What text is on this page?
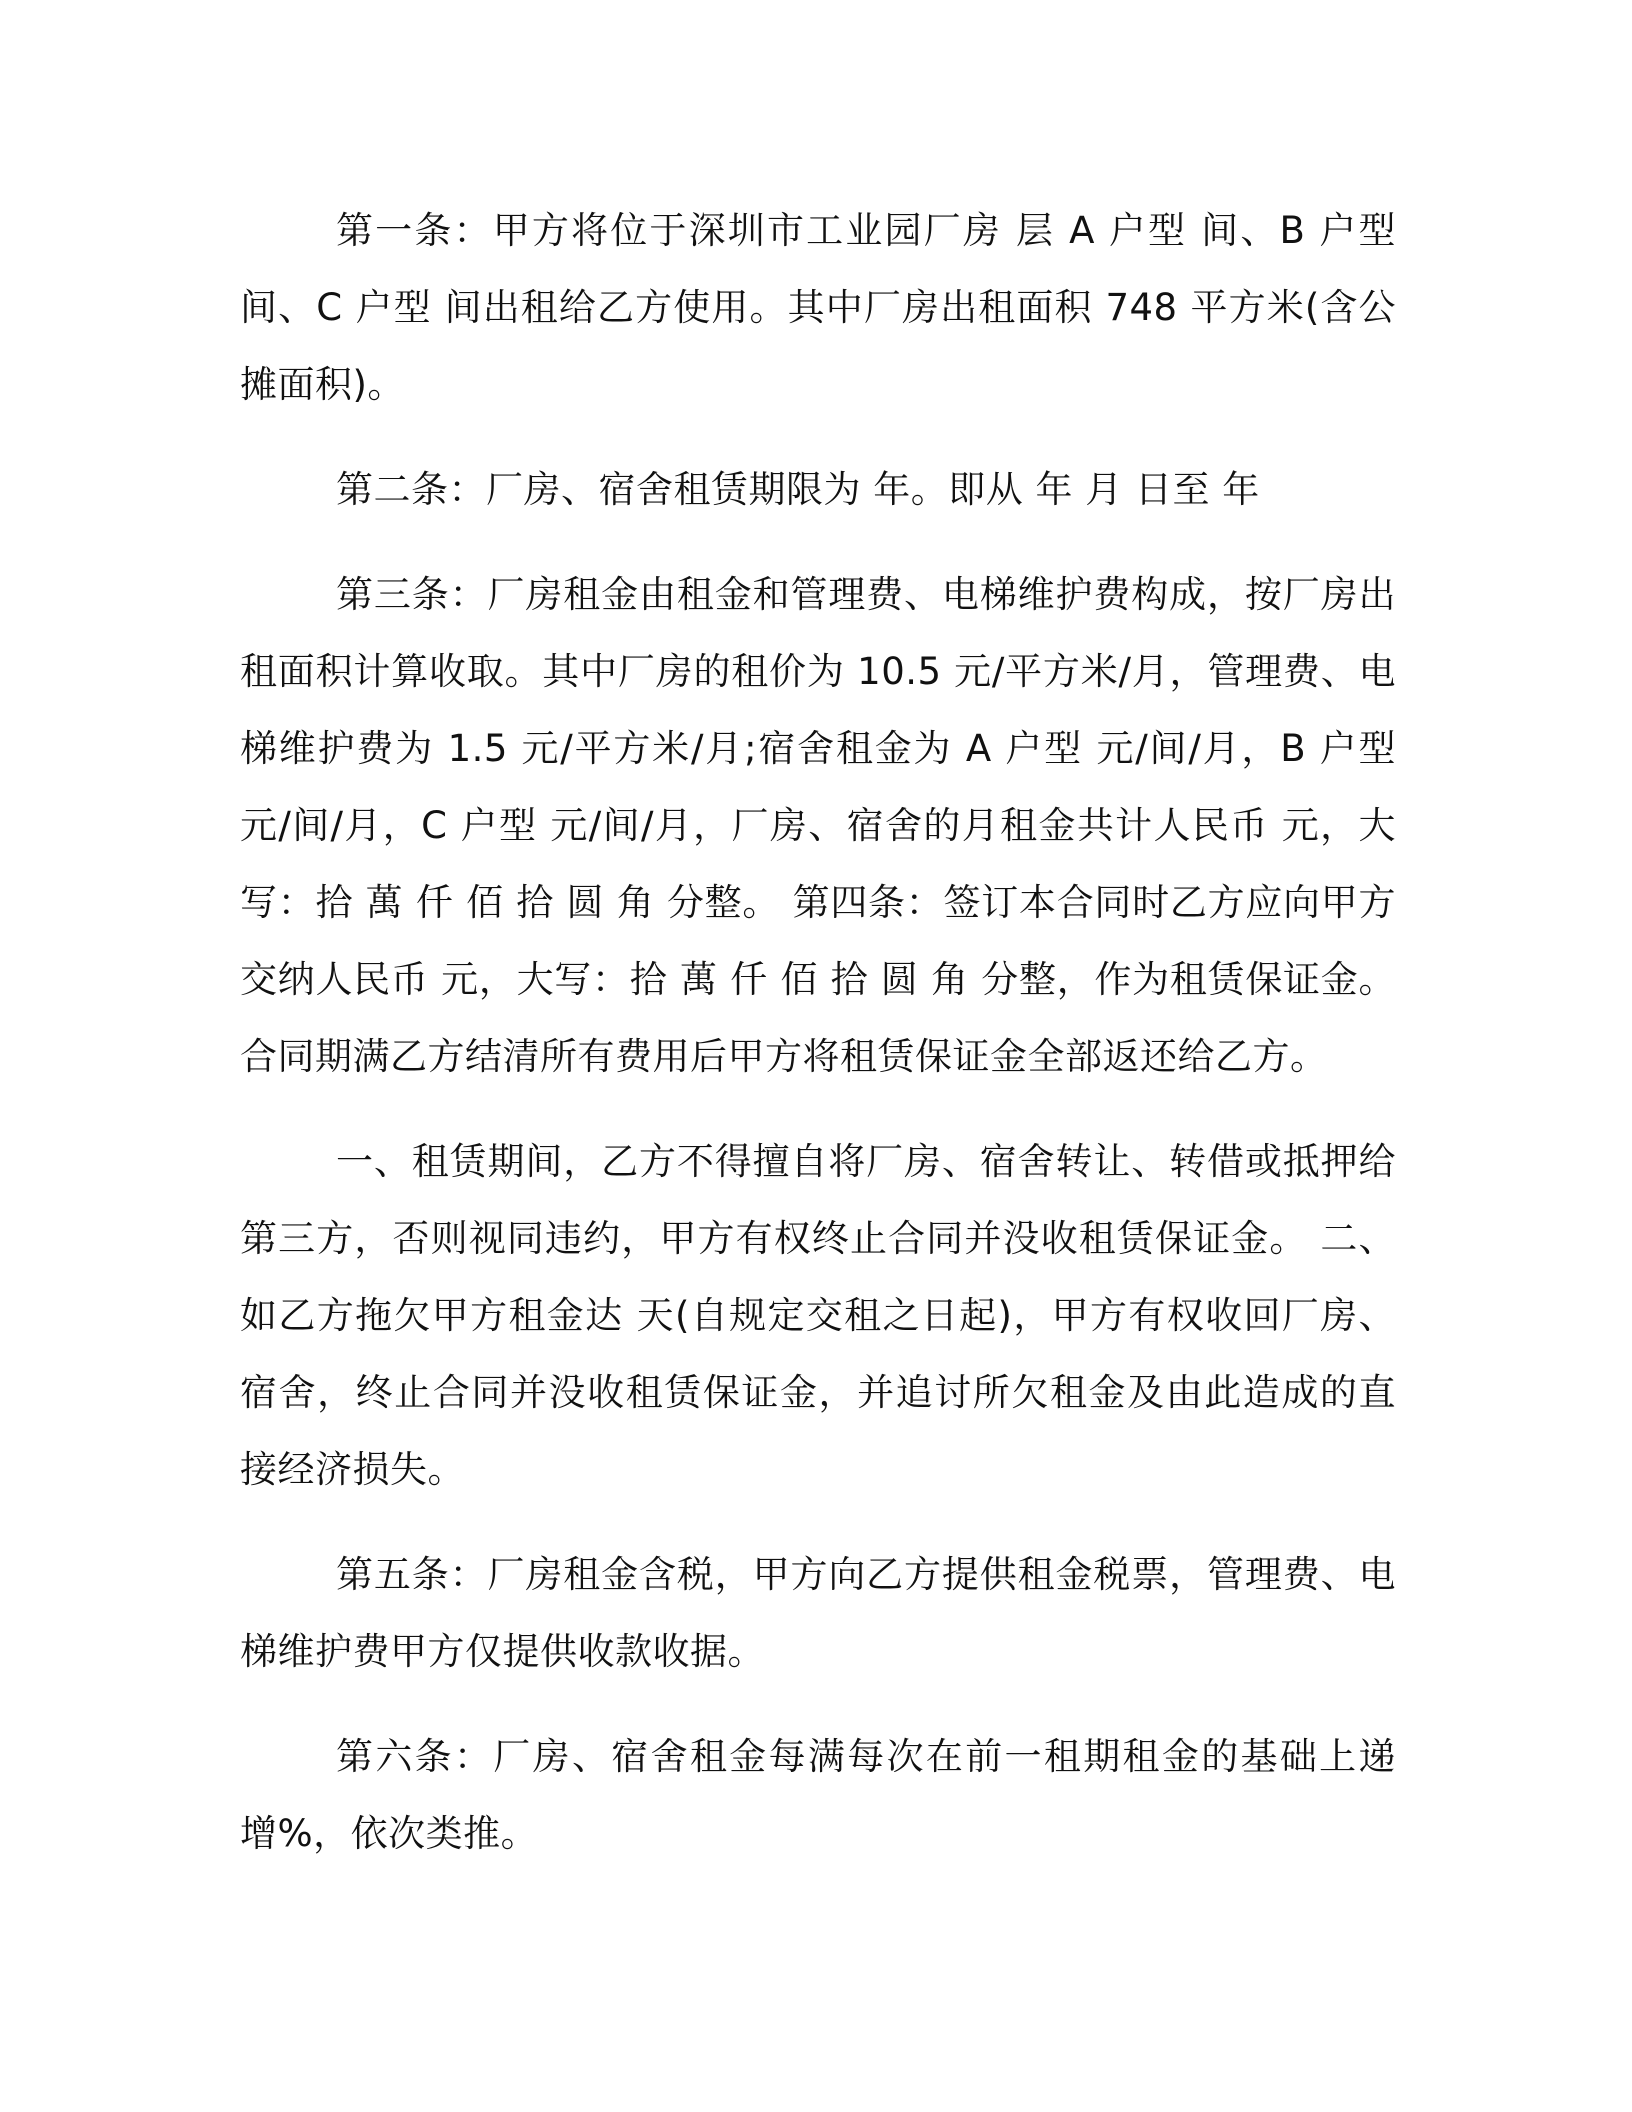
第一条：甲方将位于深圳市工业园厂房 层 A 户型 间、B 户型 间、C 户型 间出租给乙方使用。其中厂房出租面积 748 平方米(含公摊面积)。

第二条：厂房、宿舍租赁期限为 年。即从 年 月 日至 年

第三条：厂房租金由租金和管理费、电梯维护费构成，按厂房出租面积计算收取。其中厂房的租价为 10.5 元/平方米/月，管理费、电梯维护费为 1.5 元/平方米/月;宿舍租金为 A 户型 元/间/月，B 户型 元/间/月，C 户型 元/间/月，厂房、宿舍的月租金共计人民币 元，大写：拾 萬 仟 佰 拾 圆 角 分整。 第四条：签订本合同时乙方应向甲方交纳人民币 元，大写：拾 萬 仟 佰 拾 圆 角 分整，作为租赁保证金。合同期满乙方结清所有费用后甲方将租赁保证金全部返还给乙方。

一、租赁期间，乙方不得擅自将厂房、宿舍转让、转借或抵押给第三方，否则视同违约，甲方有权终止合同并没收租赁保证金。 二、如乙方拖欠甲方租金达 天(自规定交租之日起)，甲方有权收回厂房、宿舍，终止合同并没收租赁保证金，并追讨所欠租金及由此造成的直接经济损失。

第五条：厂房租金含税，甲方向乙方提供租金税票，管理费、电梯维护费甲方仅提供收款收据。

第六条：厂房、宿舍租金每满每次在前一租期租金的基础上递增%，依次类推。
